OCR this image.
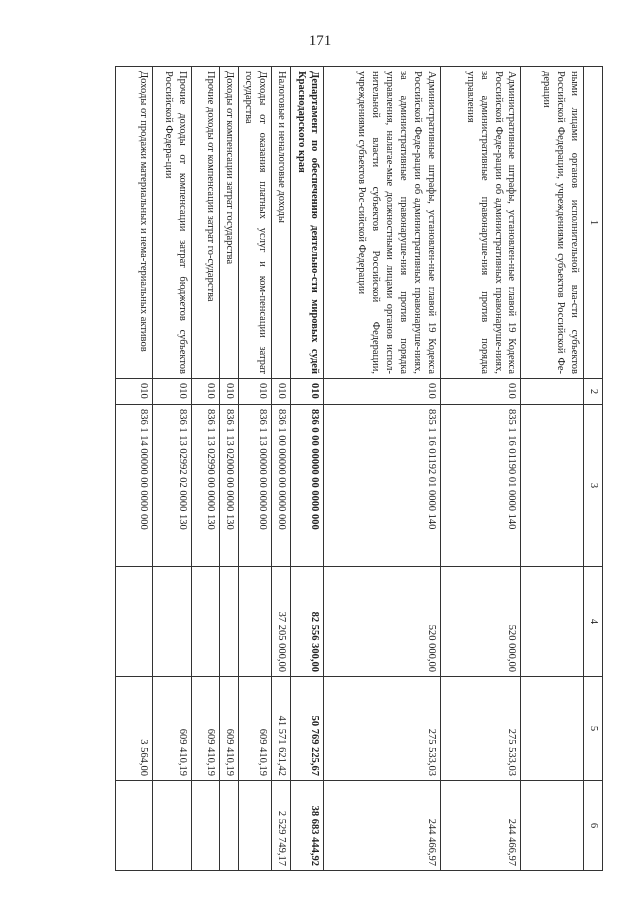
171
1	2	3	4	5	6
ными лицами органов исполнительной вла-сти субъектов Российской Федерации, учреждениями субъектов Российской Фе-дерации					
Административные штрафы, установлен-ные главой 19 Кодекса Российской Феде-рации об административных правонаруше-ниях, за административные правонаруше-ния против порядка управления	010	835 1 16 01190 01 0000 140	520 000,00	275 533,03	244 466,97
Административные штрафы, установлен-ные главой 19 Кодекса Российской Феде-рации об административных правонаруше-ниях, за административные правонаруше-ния против порядка управления, налагае-мые должностными лицами органов испол-нительной власти субъектов Российской Федерации, учреждениями субъектов Рос-сийской Федерации	010	835 1 16 01192 01 0000 140	520 000,00	275 533,03	244 466,97
Департамент по обеспечению деятельно-сти мировых судей Краснодарского края	010	836 0 00 00000 00 0000 000	82 556 300,00	50 769 225,67	38 683 444,92
Налоговые и неналоговые доходы	010	836 1 00 00000 00 0000 000	37 205 000,00	41 571 621,42	2 529 749,17
Доходы от оказания платных услуг и ком-пенсации затрат государства	010	836 1 13 00000 00 0000 000		609 410,19	
Доходы от компенсации затрат государства	010	836 1 13 02000 00 0000 130		609 410,19	
Прочие доходы от компенсации затрат го-сударства	010	836 1 13 02990 00 0000 130		609 410,19	
Прочие доходы от компенсации затрат бюджетов субъектов Российской Федера-ции	010	836 1 13 02992 02 0000 130		609 410,19	
Доходы от продажи материальных и нема-териальных активов	010	836 1 14 00000 00 0000 000		3 564,00	
